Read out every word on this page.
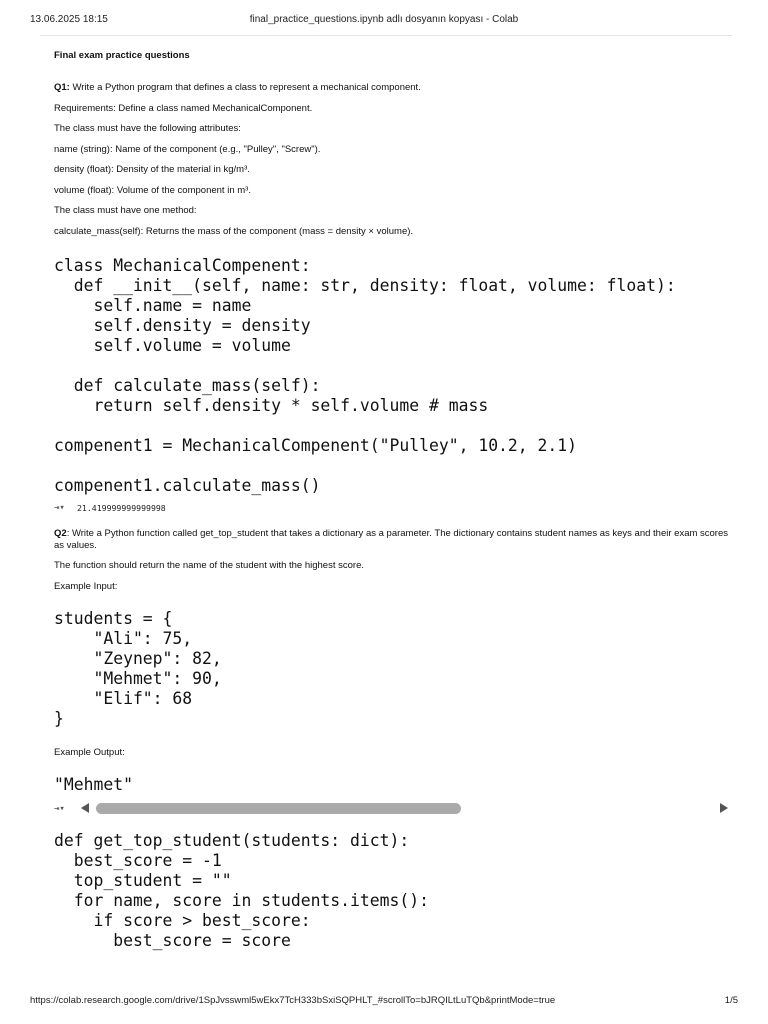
13.06.2025 18:15	final_practice_questions.ipynb adlı dosyanın kopyası - Colab

Final exam practice questions

Q1: Write a Python program that defines a class to represent a mechanical component.

Requirements: Define a class named MechanicalComponent.

The class must have the following attributes:

name (string): Name of the component (e.g., "Pulley", "Screw").

density (float): Density of the material in kg/m³.

volume (float): Volume of the component in m³.

The class must have one method:

calculate_mass(self): Returns the mass of the component (mass = density × volume).

class MechanicalCompenent:
def __init__(self, name: str, density: float, volume: float):
self.name = name
self.density = density
self.volume = volume

def calculate_mass(self):
return self.density * self.volume # mass
compenent1 = MechanicalCompenent("Pulley", 10.2, 2.1)
compenent1.calculate_mass()
⇥▾	21.419999999999998

Q2: Write a Python function called get_top_student that takes a dictionary as a parameter. The dictionary contains student names as keys and their exam scores as values.

The function should return the name of the student with the highest score.

Example Input:

students = {
"Ali": 75,
"Zeynep": 82,
"Mehmet": 90,
"Elif": 68
}

Example Output:

"Mehmet"
⇥▾
def get_top_student(students: dict):
best_score = -1
top_student = ""
for name, score in students.items():
if score > best_score:
best_score = score
https://colab.research.google.com/drive/1SpJvsswml5wEkx7TcH333bSxiSQPHLT_#scrollTo=bJRQILtLuTQb&printMode=true	1/5
